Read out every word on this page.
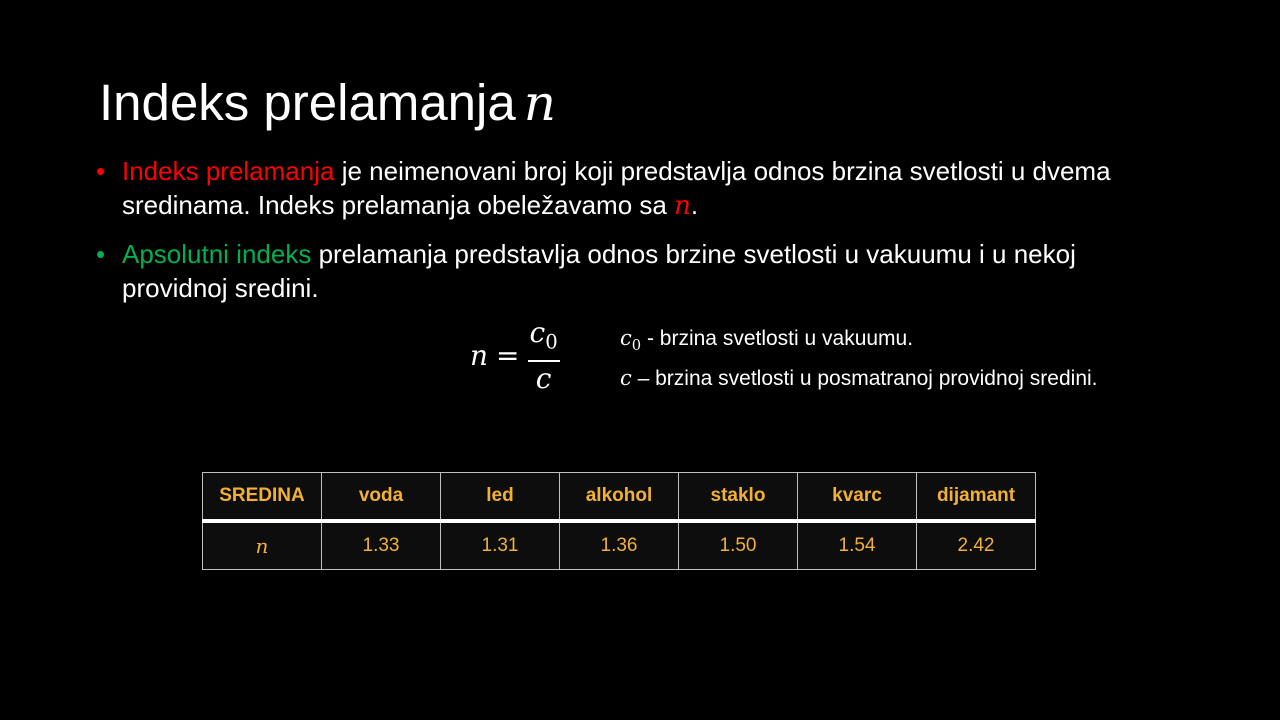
Indeks prelamanja n
• Indeks prelamanja je neimenovani broj koji predstavlja odnos brzina svetlosti u dvema sredinama. Indeks prelamanja obeležavamo sa n.
• Apsolutni indeks prelamanja predstavlja odnos brzine svetlosti u vakuumu i u nekoj providnoj sredini.
$n = \frac{c_0}{c}$	$c_0$ - brzina svetlosti u vakuumu.
c – brzina svetlosti u posmatranoj providnoj sredini.
SREDINA	voda	led	alkohol	staklo	kvarc	dijamant
n	1.33	1.31	1.36	1.50	1.54	2.42
